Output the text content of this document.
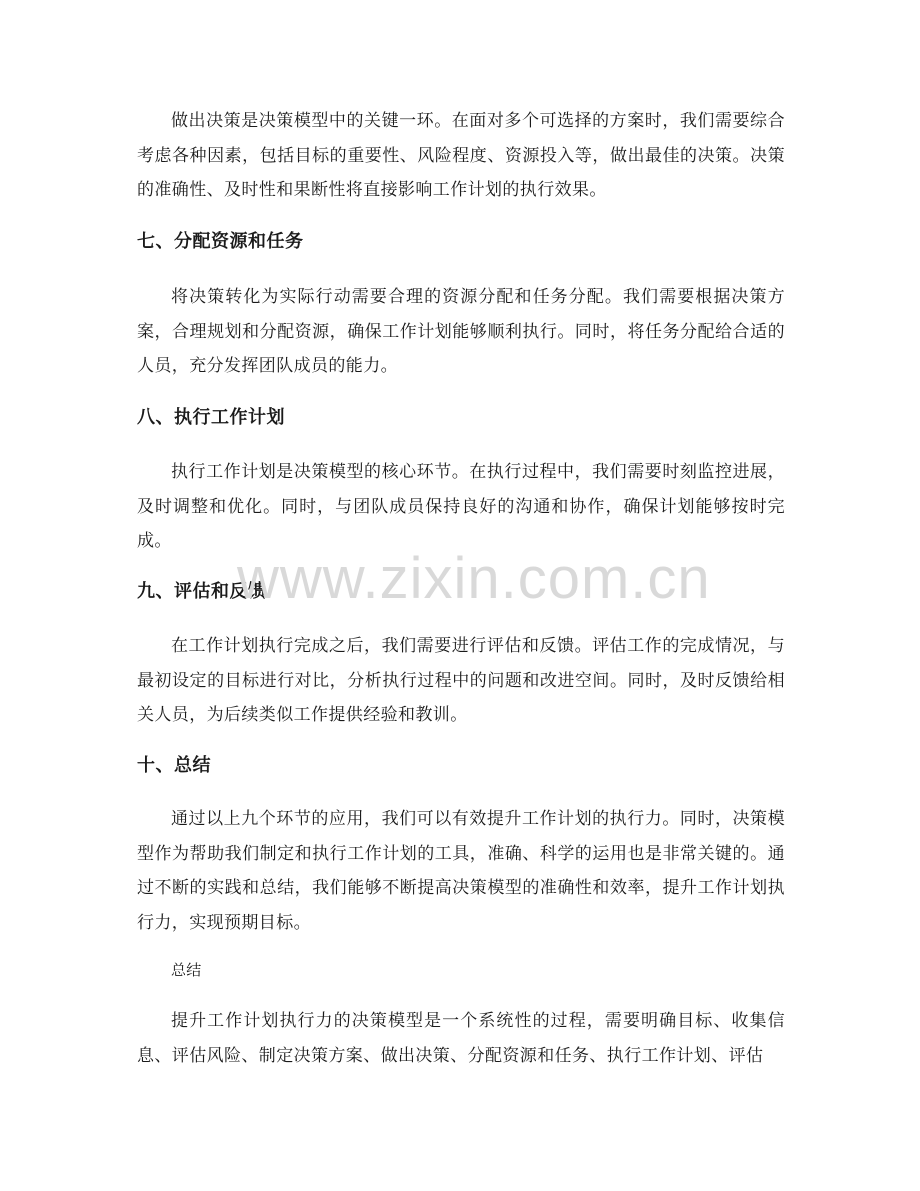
做出决策是决策模型中的关键一环。在面对多个可选择的方案时，我们需要综合考虑各种因素，包括目标的重要性、风险程度、资源投入等，做出最佳的决策。决策的准确性、及时性和果断性将直接影响工作计划的执行效果。

七、分配资源和任务

将决策转化为实际行动需要合理的资源分配和任务分配。我们需要根据决策方案，合理规划和分配资源，确保工作计划能够顺利执行。同时，将任务分配给合适的人员，充分发挥团队成员的能力。

八、执行工作计划

执行工作计划是决策模型的核心环节。在执行过程中，我们需要时刻监控进展，及时调整和优化。同时，与团队成员保持良好的沟通和协作，确保计划能够按时完成。

九、评估和反馈

在工作计划执行完成之后，我们需要进行评估和反馈。评估工作的完成情况，与最初设定的目标进行对比，分析执行过程中的问题和改进空间。同时，及时反馈给相关人员，为后续类似工作提供经验和教训。

十、总结

通过以上九个环节的应用，我们可以有效提升工作计划的执行力。同时，决策模型作为帮助我们制定和执行工作计划的工具，准确、科学的运用也是非常关键的。通过不断的实践和总结，我们能够不断提高决策模型的准确性和效率，提升工作计划执行力，实现预期目标。

总结

提升工作计划执行力的决策模型是一个系统性的过程，需要明确目标、收集信息、评估风险、制定决策方案、做出决策、分配资源和任务、执行工作计划、评估

www.zixin.com.cn
